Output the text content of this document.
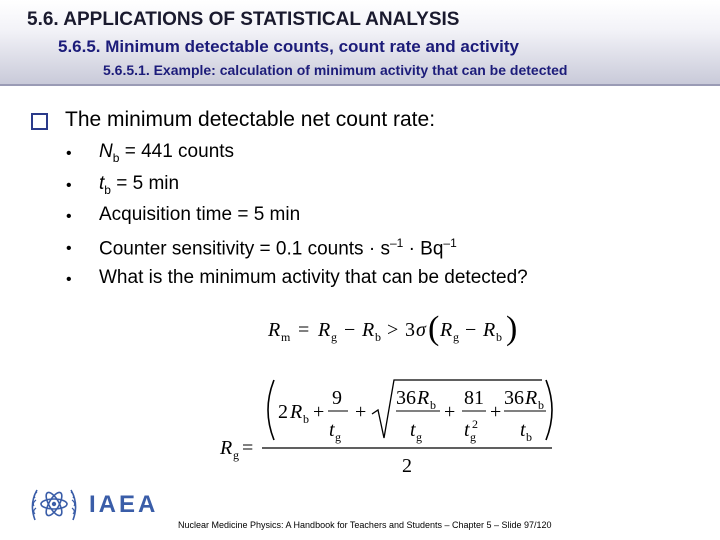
5.6. APPLICATIONS OF STATISTICAL ANALYSIS
5.6.5. Minimum detectable counts, count rate and activity
5.6.5.1. Example: calculation of minimum activity that can be detected
The minimum detectable net count rate:
• $N_b = 441$ counts
• $t_b = 5$ min
• Acquisition time = 5 min
• Counter sensitivity = 0.1 counts · $s^{-1} \cdot Bq^{-1}$
• What is the minimum activity that can be detected?
R m = R g − R b > 3 σ ( R g − R b )
R g =
2 R b +
9
t g
+
36 R b
t g
+
81
t g
2
+
36 R b
t b
2
IAEA
Nuclear Medicine Physics: A Handbook for Teachers and Students – Chapter 5 – Slide 97/120
